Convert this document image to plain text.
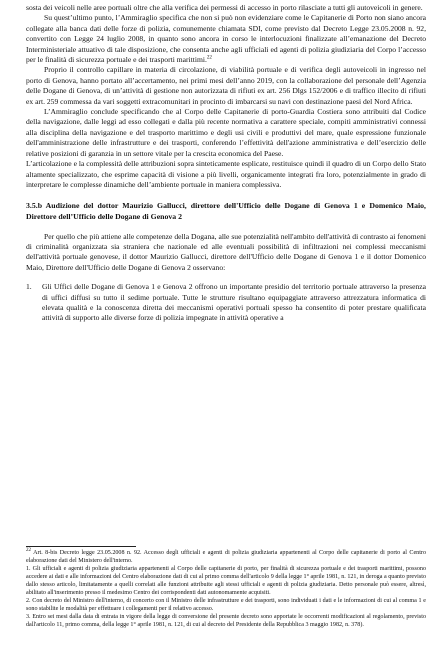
sosta dei veicoli nelle aree portuali oltre che alla verifica dei permessi di accesso in porto rilasciate a tutti gli autoveicoli in genere.

Su quest’ultimo punto, l’Ammiraglio specifica che non si può non evidenziare come le Capitanerie di Porto non siano ancora collegate alla banca dati delle forze di polizia, comunemente chiamata SDI, come previsto dal Decreto Legge 23.05.2008 n. 92, convertito con Legge 24 luglio 2008, in quanto sono ancora in corso le interlocuzioni finalizzate all’emanazione del Decreto Interministeriale attuativo di tale disposizione, che consenta anche agli ufficiali ed agenti di polizia giudiziaria del Corpo l’accesso per le finalità di sicurezza portuale e dei trasporti marittimi.$^{22}$

Proprio il controllo capillare in materia di circolazione, di viabilità portuale e di verifica degli autoveicoli in ingresso nel porto di Genova, hanno portato all’accertamento, nei primi mesi dell’anno 2019, con la collaborazione del personale dell’Agenzia delle Dogane di Genova, di un’attività di gestione non autorizzata di rifiuti ex art. 256 Dlgs 152/2006 e di traffico illecito di rifiuti ex art. 259 commessa da vari soggetti extracomunitari in procinto di imbarcarsi su navi con destinazione paesi del Nord Africa.

L’Ammiraglio conclude specificando che al Corpo delle Capitanerie di porto-Guardia Costiera sono attribuiti dal Codice della navigazione, dalle leggi ad esso collegati e dalla più recente normativa a carattere speciale, compiti amministrativi connessi alla disciplina della navigazione e del trasporto marittimo e degli usi civili e produttivi del mare, quale espressione funzionale dell'amministrazione delle infrastrutture e dei trasporti, conferendo l’effettività dell'azione amministrativa e dell’esercizio delle relative posizioni di garanzia in un settore vitale per la crescita economica del Paese.

L’articolazione e la complessità delle attribuzioni sopra sinteticamente esplicate, restituisce quindi il quadro di un Corpo dello Stato altamente specializzato, che esprime capacità di visione a più livelli, organicamente integrati fra loro, potenzialmente in grado di interpretare le complesse dinamiche dell’ambiente portuale in maniera complessiva.

3.5.b Audizione del dottor Maurizio Gallucci, direttore dell'Ufficio delle Dogane di Genova 1 e Domenico Maio, Direttore dell’Ufficio delle Dogane di Genova 2

Per quello che più attiene alle competenze della Dogana, alle sue potenzialità nell'ambito dell'attività di contrasto ai fenomeni di criminalità organizzata sia straniera che nazionale ed alle eventuali possibilità di infiltrazioni nei complessi meccanismi dell'attività portuale genovese, il dottor Maurizio Gallucci, direttore dell'Ufficio delle Dogane di Genova 1 e il dottor Domenico Maio, Direttore dell'Ufficio delle Dogane di Genova 2 osservano:

1.	Gli Uffici delle Dogane di Genova 1 e Genova 2 offrono un importante presidio del territorio portuale attraverso la presenza di uffici diffusi su tutto il sedime portuale. Tutte le strutture risultano equipaggiate attraverso attrezzatura informatica di elevata qualità e la conoscenza diretta dei meccanismi operativi portuali spesso ha consentito di poter prestare qualificata attività di supporto alle diverse forze di polizia impegnate in attività operative a

$^{22}$ Art. 8-bis Decreto legge 23.05.2008 n. 92. Accesso degli ufficiali e agenti di polizia giudiziaria appartenenti al Corpo delle capitanerie di porto al Centro elaborazione dati del Ministero dell'interno.

1. Gli ufficiali e agenti di polizia giudiziaria appartenenti al Corpo delle capitanerie di porto, per finalità di sicurezza portuale e dei trasporti marittimi, possono accedere ai dati e alle informazioni del Centro elaborazione dati di cui al primo comma dell'articolo 9 della legge 1° aprile 1981, n. 121, in deroga a quanto previsto dallo stesso articolo, limitatamente a quelli correlati alle funzioni attribuite agli stessi ufficiali e agenti di polizia giudiziaria. Detto personale può essere, altresì, abilitato all'inserimento presso il medesimo Centro dei corrispondenti dati autonomamente acquisiti.

2. Con decreto del Ministro dell'interno, di concerto con il Ministro delle infrastrutture e dei trasporti, sono individuati i dati e le informazioni di cui al comma 1 e sono stabilite le modalità per effettuare i collegamenti per il relativo accesso.

3. Entro sei mesi dalla data di entrata in vigore della legge di conversione del presente decreto sono apportate le occorrenti modificazioni al regolamento, previsto dall'articolo 11, primo comma, della legge 1° aprile 1981, n. 121, di cui al decreto del Presidente della Repubblica 3 maggio 1982, n. 378).
